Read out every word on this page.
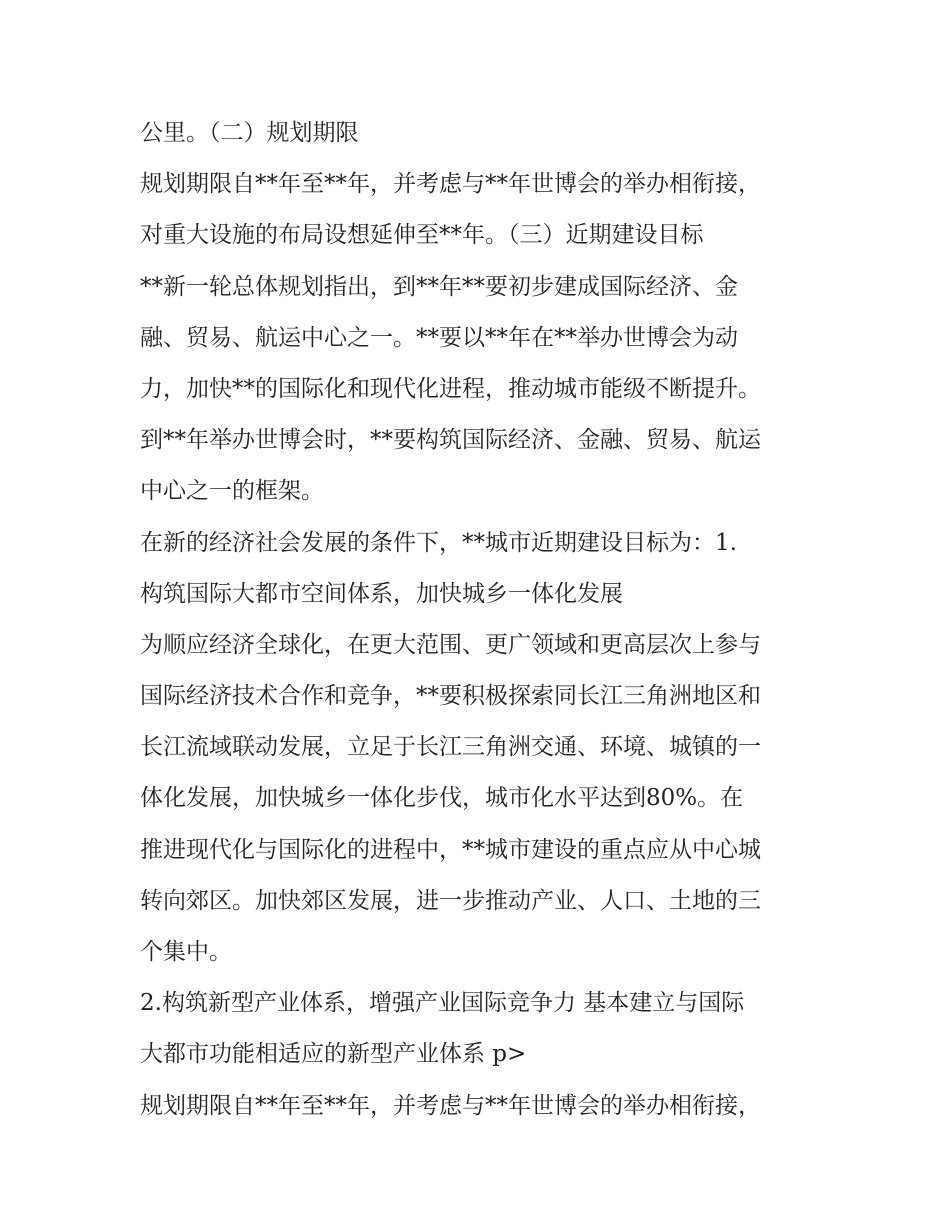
公里。（二）规划期限
规划期限自**年至**年，并考虑与**年世博会的举办相衔接，
对重大设施的布局设想延伸至**年。（三）近期建设目标
**新一轮总体规划指出，到**年**要初步建成国际经济、金
融、贸易、航运中心之一。**要以**年在**举办世博会为动
力，加快**的国际化和现代化进程，推动城市能级不断提升。
到**年举办世博会时，**要构筑国际经济、金融、贸易、航运
中心之一的框架。
在新的经济社会发展的条件下，**城市近期建设目标为：1.
构筑国际大都市空间体系，加快城乡一体化发展
为顺应经济全球化，在更大范围、更广领域和更高层次上参与
国际经济技术合作和竞争，**要积极探索同长江三角洲地区和
长江流域联动发展，立足于长江三角洲交通、环境、城镇的一
体化发展，加快城乡一体化步伐，城市化水平达到80%。在
推进现代化与国际化的进程中，**城市建设的重点应从中心城
转向郊区。加快郊区发展，进一步推动产业、人口、土地的三
个集中。
2.构筑新型产业体系，增强产业国际竞争力 基本建立与国际
大都市功能相适应的新型产业体系 p>
规划期限自**年至**年，并考虑与**年世博会的举办相衔接，
